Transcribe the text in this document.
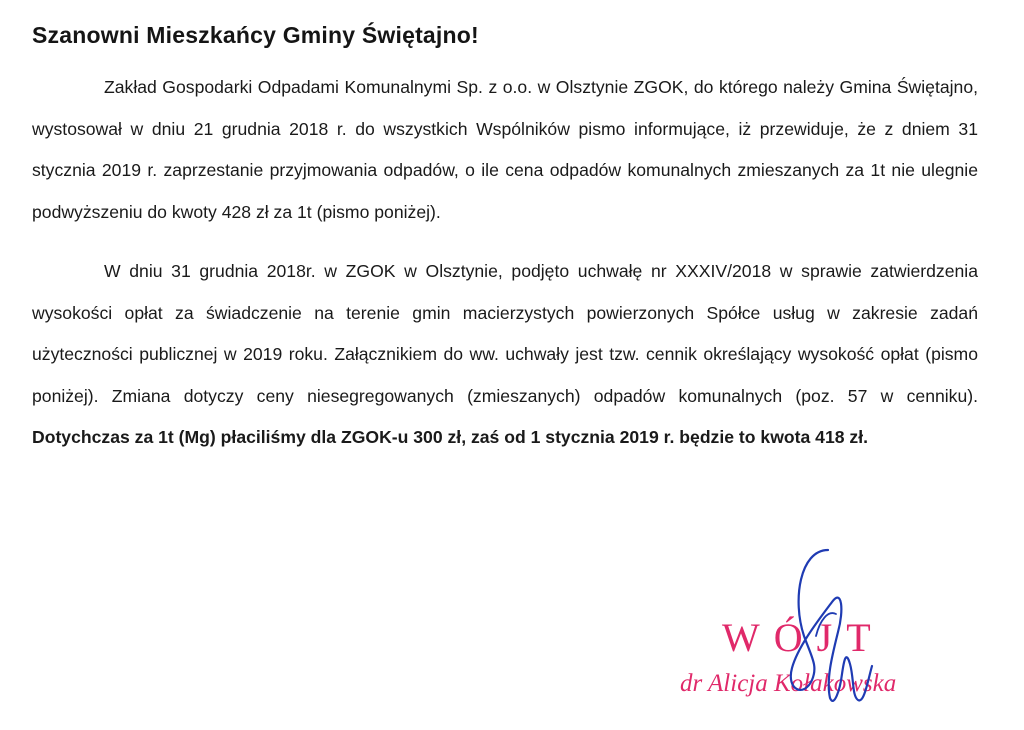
Szanowni Mieszkańcy Gminy Świętajno!

Zakład Gospodarki Odpadami Komunalnymi Sp. z o.o. w Olsztynie ZGOK, do którego należy Gmina Świętajno, wystosował w dniu 21 grudnia 2018 r. do wszystkich Wspólników pismo informujące, iż przewiduje, że z dniem 31 stycznia 2019 r. zaprzestanie przyjmowania odpadów, o ile cena odpadów komunalnych zmieszanych za 1t nie ulegnie podwyższeniu do kwoty 428 zł za 1t (pismo poniżej).

W dniu 31 grudnia 2018r. w ZGOK w Olsztynie, podjęto uchwałę nr XXXIV/2018 w sprawie zatwierdzenia wysokości opłat za świadczenie na terenie gmin macierzystych powierzonych Spółce usług w zakresie zadań użyteczności publicznej w 2019 roku. Załącznikiem do ww. uchwały jest tzw. cennik określający wysokość opłat (pismo poniżej). Zmiana dotyczy ceny niesegregowanych (zmieszanych) odpadów komunalnych (poz. 57 w cenniku). Dotychczas za 1t (Mg) płaciliśmy dla ZGOK-u 300 zł, zaś od 1 stycznia 2019 r. będzie to kwota 418 zł.

WÓJT
dr Alicja Kołakowska
